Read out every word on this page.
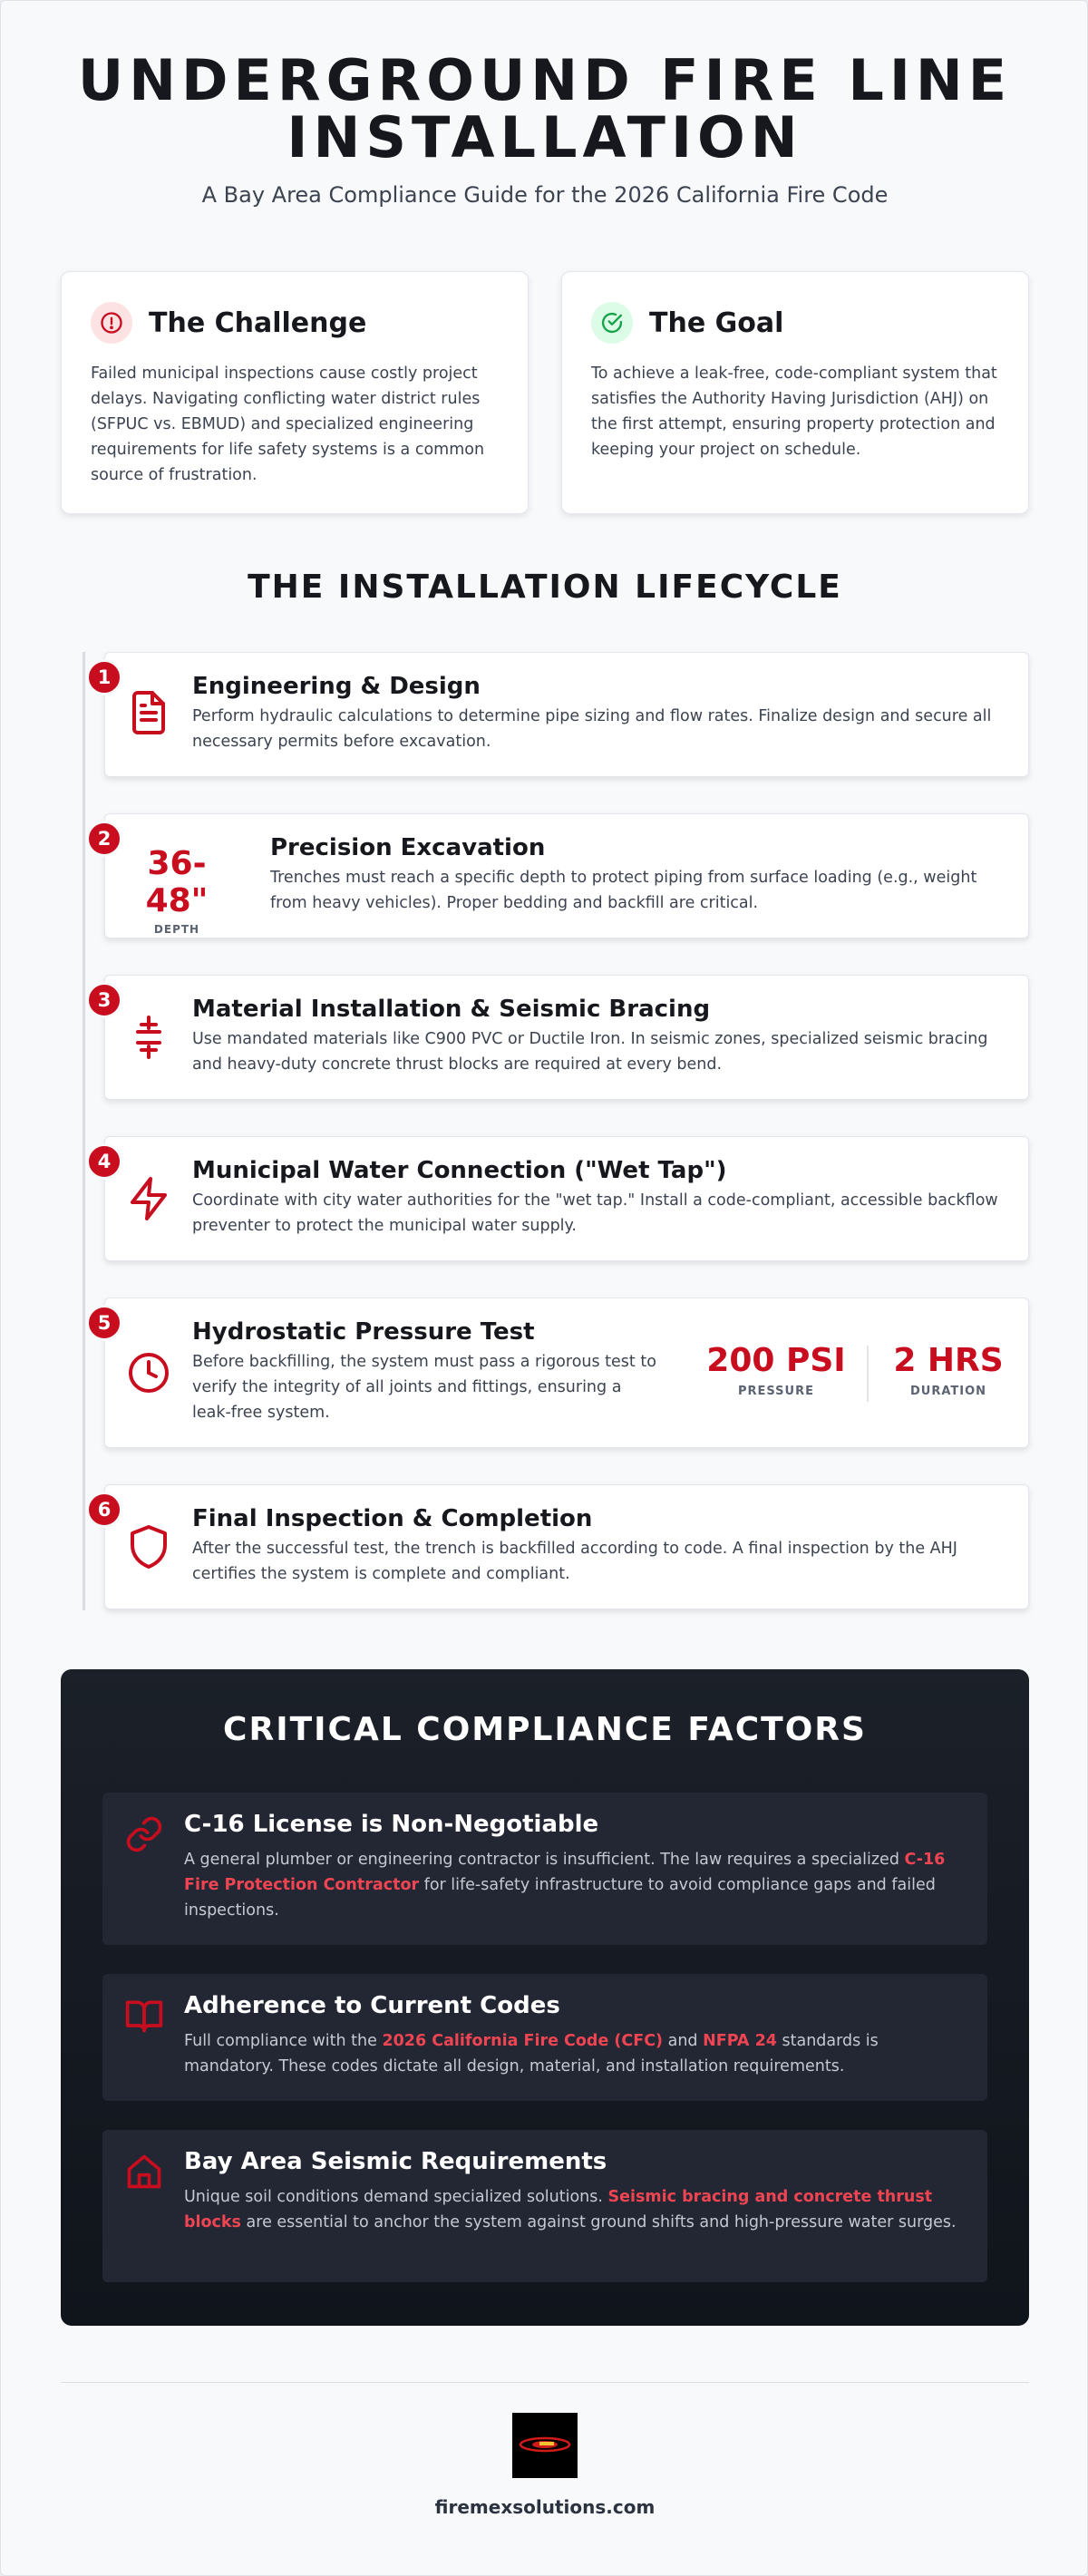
UNDERGROUND FIRE LINE
INSTALLATION
A Bay Area Compliance Guide for the 2026 California Fire Code
The Challenge

Failed municipal inspections cause costly project delays. Navigating conflicting water district rules (SFPUC vs. EBMUD) and specialized engineering requirements for life safety systems is a common source of frustration.

The Goal

To achieve a leak-free, code-compliant system that satisfies the Authority Having Jurisdiction (AHJ) on the first attempt, ensuring property protection and keeping your project on schedule.

THE INSTALLATION LIFECYCLE
Engineering & Design

Perform hydraulic calculations to determine pipe sizing and flow rates. Finalize design and secure all necessary permits before excavation.

1
36-48"
DEPTH
Precision Excavation

Trenches must reach a specific depth to protect piping from surface loading (e.g., weight from heavy vehicles). Proper bedding and backfill are critical.

2
Material Installation & Seismic Bracing

Use mandated materials like C900 PVC or Ductile Iron. In seismic zones, specialized seismic bracing and heavy-duty concrete thrust blocks are required at every bend.

3
Municipal Water Connection ("Wet Tap")

Coordinate with city water authorities for the "wet tap." Install a code-compliant, accessible backflow preventer to protect the municipal water supply.

4
Hydrostatic Pressure Test

Before backfilling, the system must pass a rigorous test to verify the integrity of all joints and fittings, ensuring a leak-free system.

200 PSI
PRESSURE
2 HRS
DURATION
5
Final Inspection & Completion

After the successful test, the trench is backfilled according to code. A final inspection by the AHJ certifies the system is complete and compliant.

6
CRITICAL COMPLIANCE FACTORS
C-16 License is Non-Negotiable

A general plumber or engineering contractor is insufficient. The law requires a specialized C-16 Fire Protection Contractor for life-safety infrastructure to avoid compliance gaps and failed inspections.

Adherence to Current Codes

Full compliance with the 2026 California Fire Code (CFC) and NFPA 24 standards is mandatory. These codes dictate all design, material, and installation requirements.

Bay Area Seismic Requirements

Unique soil conditions demand specialized solutions. Seismic bracing and concrete thrust blocks are essential to anchor the system against ground shifts and high-pressure water surges.

firemexsolutions.com
